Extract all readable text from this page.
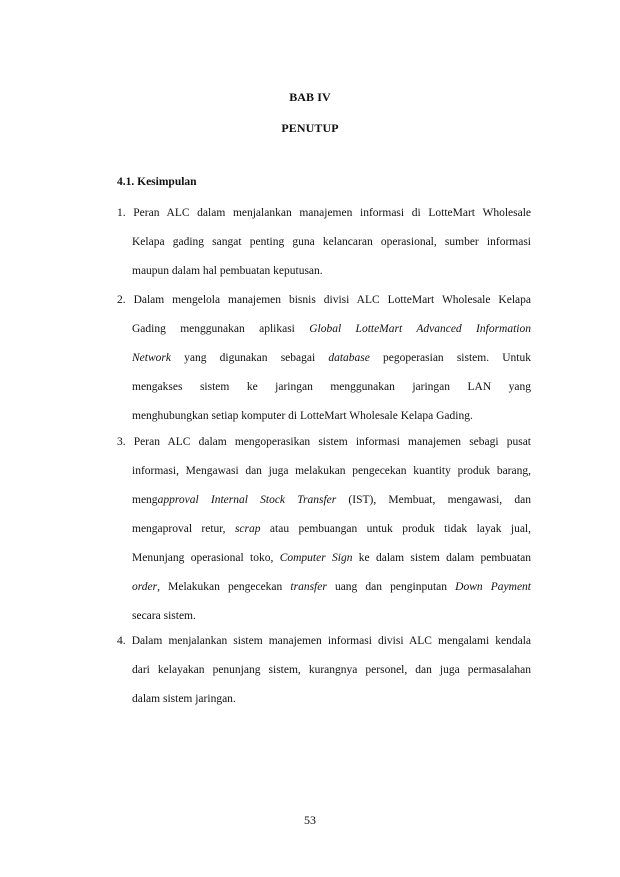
BAB IV
PENUTUP
4.1. Kesimpulan
1. Peran ALC dalam menjalankan manajemen informasi di LotteMart Wholesale
Kelapa gading sangat penting guna kelancaran operasional, sumber informasi
maupun dalam hal pembuatan keputusan.
2. Dalam mengelola manajemen bisnis divisi ALC LotteMart Wholesale Kelapa
Gading menggunakan aplikasi Global LotteMart Advanced Information
Network yang digunakan sebagai database pegoperasian sistem. Untuk
mengakses sistem ke jaringan menggunakan jaringan LAN yang
menghubungkan setiap komputer di LotteMart Wholesale Kelapa Gading.
3. Peran ALC dalam mengoperasikan sistem informasi manajemen sebagi pusat
informasi, Mengawasi dan juga melakukan pengecekan kuantity produk barang,
mengapproval Internal Stock Transfer (IST), Membuat, mengawasi, dan
mengaproval retur, scrap atau pembuangan untuk produk tidak layak jual,
Menunjang operasional toko, Computer Sign ke dalam sistem dalam pembuatan
order, Melakukan pengecekan transfer uang dan penginputan Down Payment
secara sistem.
4. Dalam menjalankan sistem manajemen informasi divisi ALC mengalami kendala
dari kelayakan penunjang sistem, kurangnya personel, dan juga permasalahan
dalam sistem jaringan.
53
